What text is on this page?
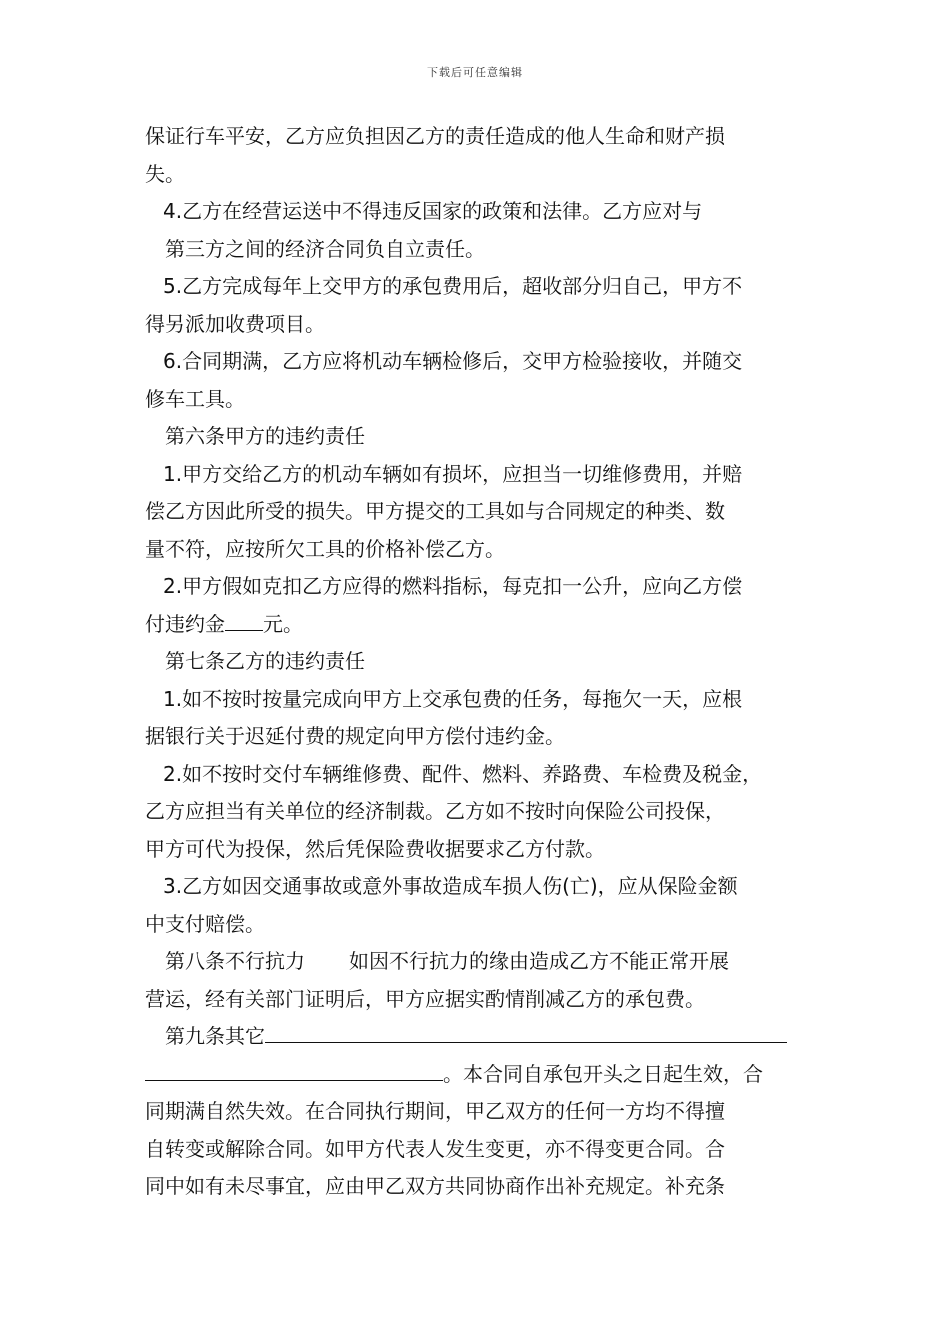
下载后可任意编辑

保证行车平安，乙方应负担因乙方的责任造成的他人生命和财产损

失。

4.乙方在经营运送中不得违反国家的政策和法律。乙方应对与

第三方之间的经济合同负自立责任。

5.乙方完成每年上交甲方的承包费用后，超收部分归自己，甲方不

得另派加收费项目。

6.合同期满，乙方应将机动车辆检修后，交甲方检验接收，并随交

修车工具。

第六条甲方的违约责任

1.甲方交给乙方的机动车辆如有损坏，应担当一切维修费用，并赔

偿乙方因此所受的损失。甲方提交的工具如与合同规定的种类、数

量不符，应按所欠工具的价格补偿乙方。

2.甲方假如克扣乙方应得的燃料指标，每克扣一公升，应向乙方偿

付违约金 元。

第七条乙方的违约责任

1.如不按时按量完成向甲方上交承包费的任务，每拖欠一天，应根

据银行关于迟延付费的规定向甲方偿付违约金。

2.如不按时交付车辆维修费、配件、燃料、养路费、车检费及税金，

乙方应担当有关单位的经济制裁。乙方如不按时向保险公司投保，

甲方可代为投保，然后凭保险费收据要求乙方付款。

3.乙方如因交通事故或意外事故造成车损人伤(亡)，应从保险金额

中支付赔偿。

第八条不行抗力 如因不行抗力的缘由造成乙方不能正常开展

营运，经有关部门证明后，甲方应据实酌情削减乙方的承包费。

第九条其它

。本合同自承包开头之日起生效，合

同期满自然失效。在合同执行期间，甲乙双方的任何一方均不得擅

自转变或解除合同。如甲方代表人发生变更，亦不得变更合同。合

同中如有未尽事宜，应由甲乙双方共同协商作出补充规定。补充条
